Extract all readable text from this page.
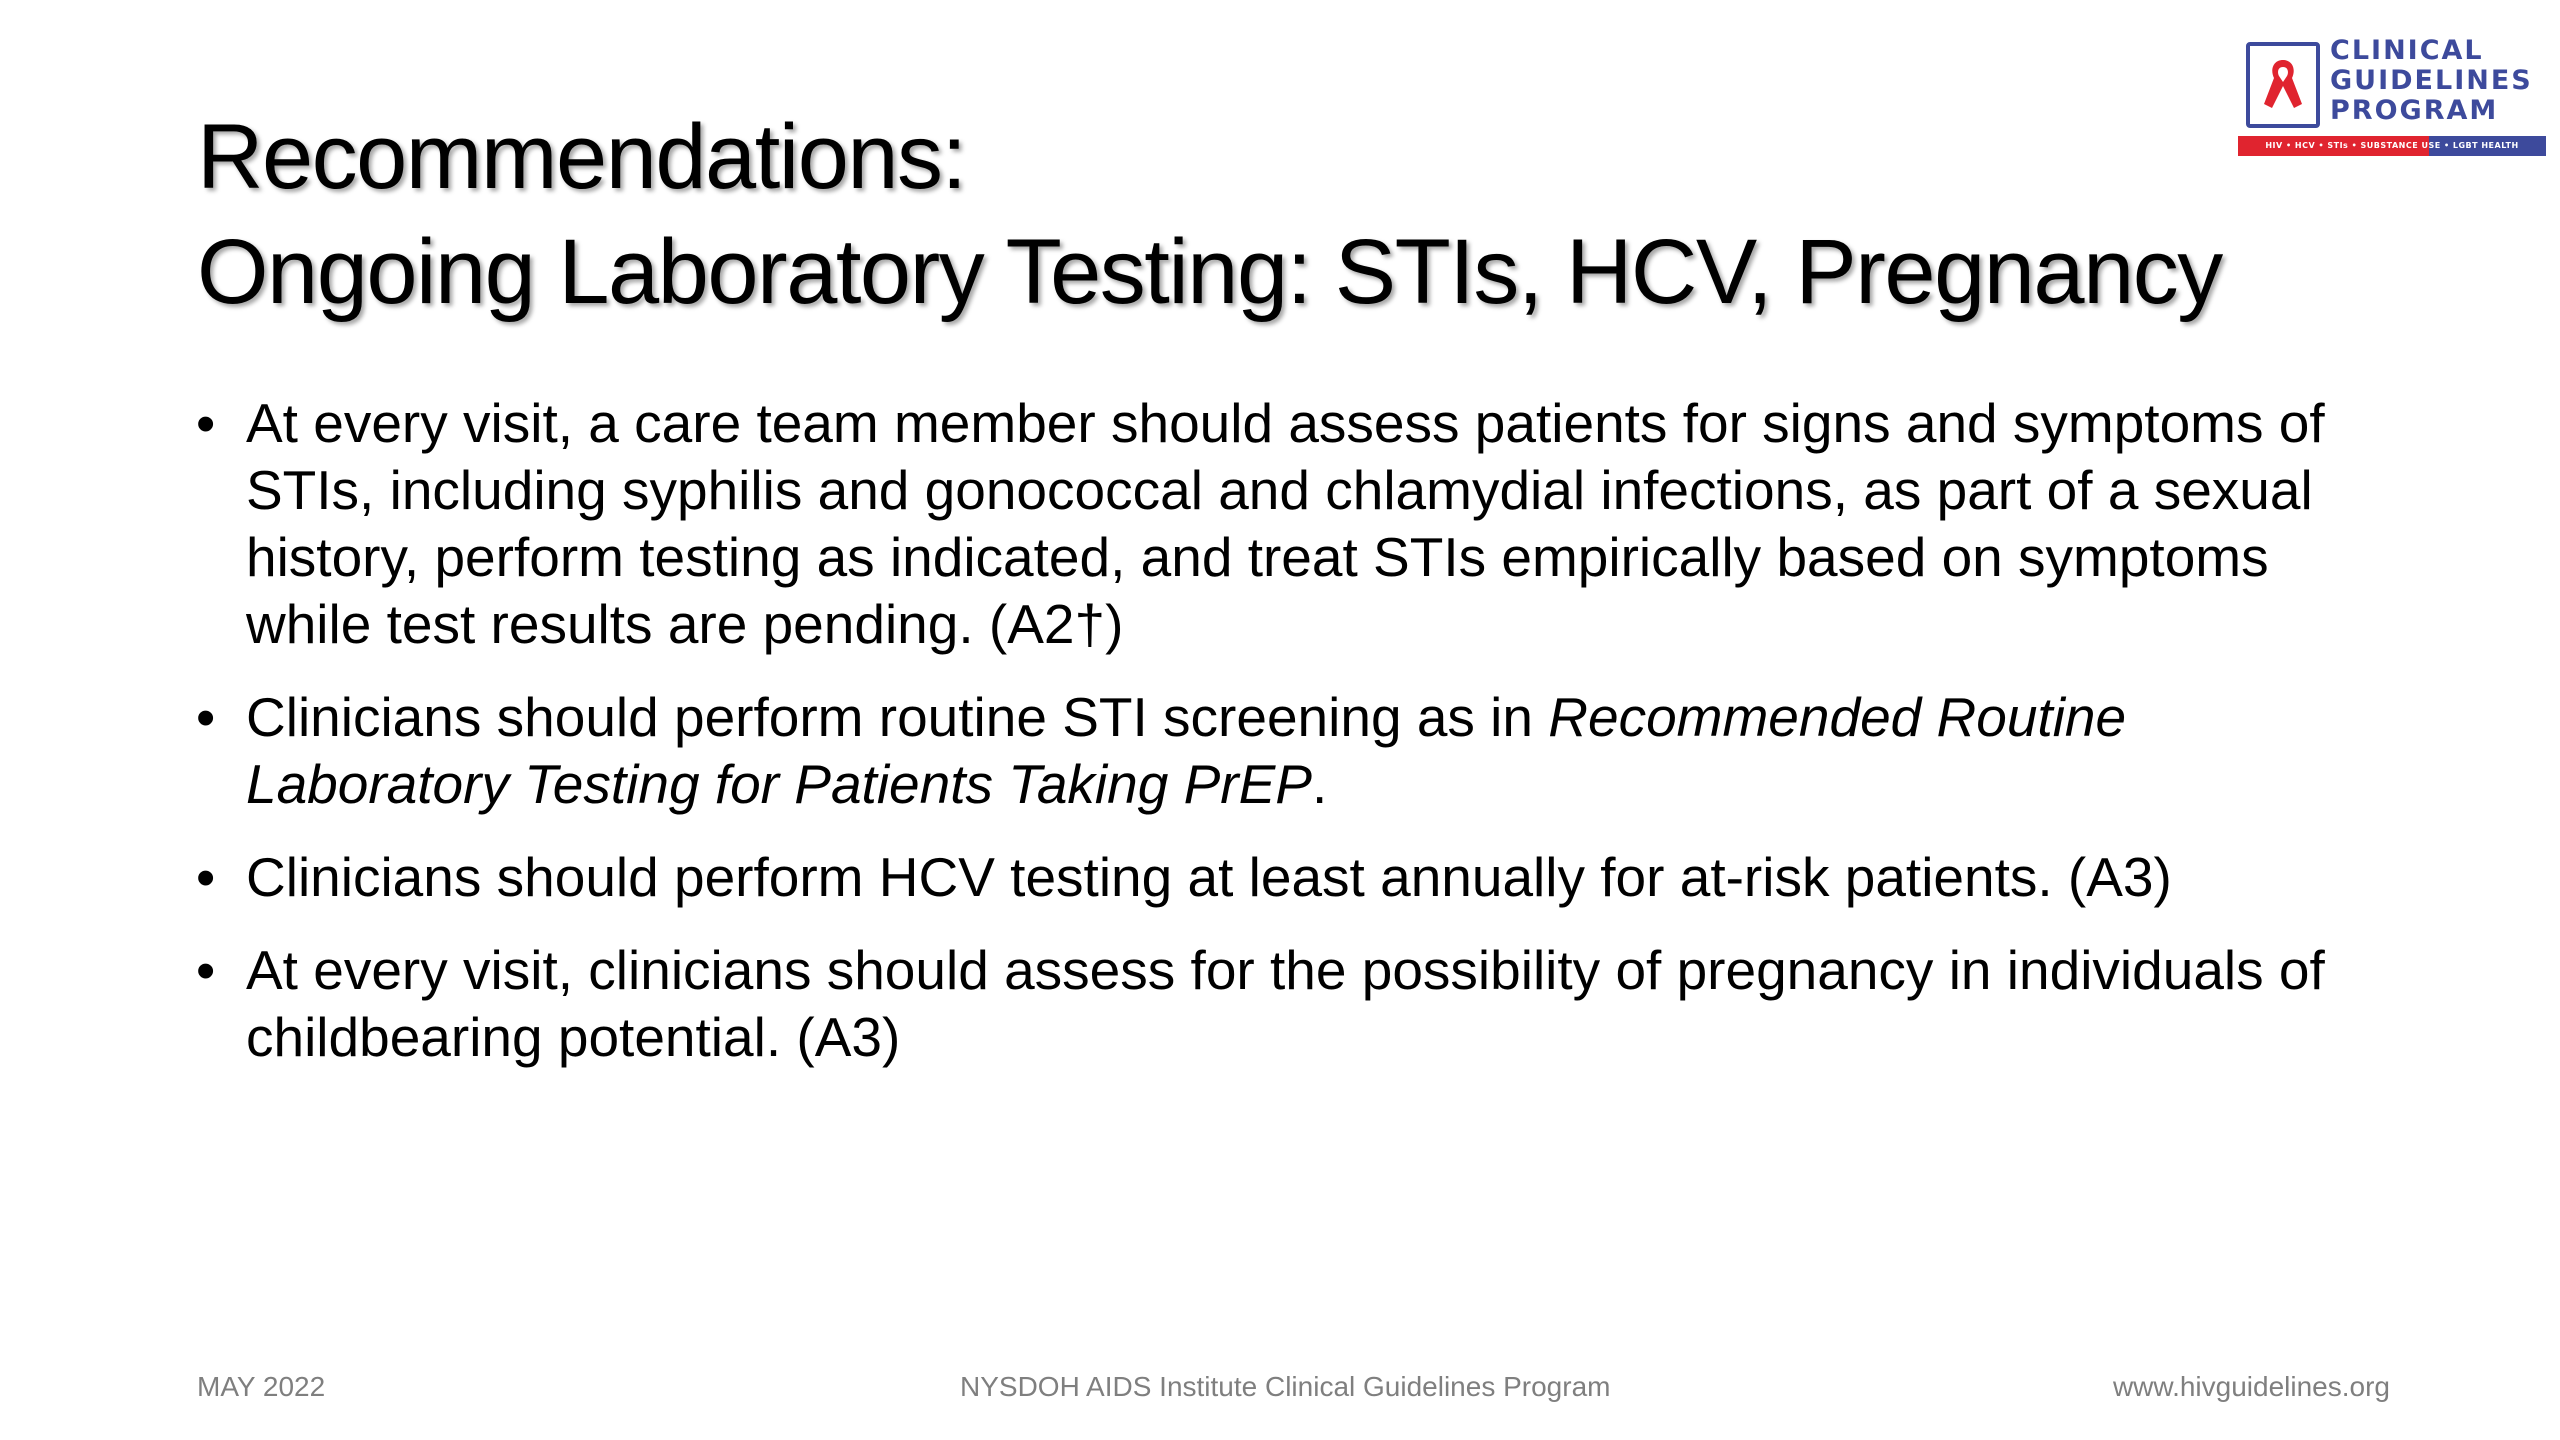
CLINICAL
GUIDELINES
PROGRAM
HIV • HCV • STIs • SUBSTANCE USE • LGBT HEALTH
Recommendations:
Ongoing Laboratory Testing: STIs, HCV, Pregnancy
• At every visit, a care team member should assess patients for signs and symptoms of STIs, including syphilis and gonococcal and chlamydial infections, as part of a sexual history, perform testing as indicated, and treat STIs empirically based on symptoms while test results are pending. (A2†)
• Clinicians should perform routine STI screening as in Recommended Routine Laboratory Testing for Patients Taking PrEP.
• Clinicians should perform HCV testing at least annually for at-risk patients. (A3)
• At every visit, clinicians should assess for the possibility of pregnancy in individuals of childbearing potential. (A3)
MAY 2022	NYSDOH AIDS Institute Clinical Guidelines Program	www.hivguidelines.org
